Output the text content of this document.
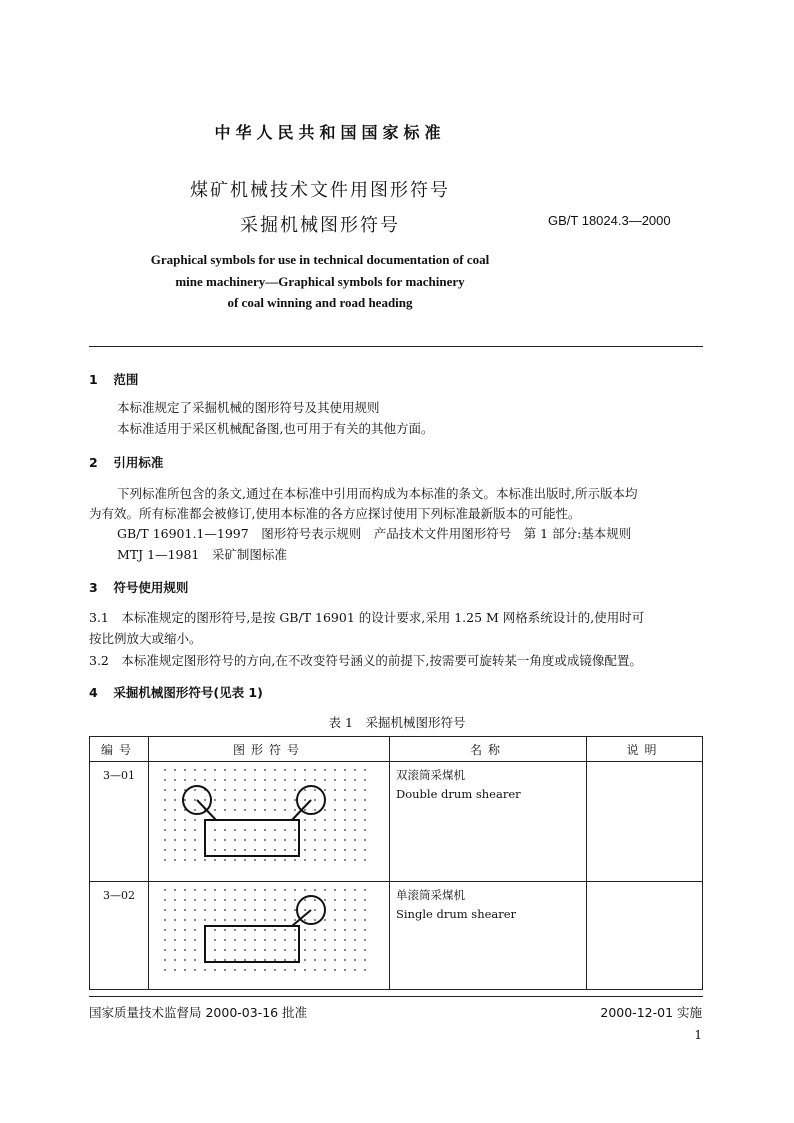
中华人民共和国国家标准
煤矿机械技术文件用图形符号
采掘机械图形符号	GB/T 18024.3—2000
Graphical symbols for use in technical documentation of coal
mine machinery—Graphical symbols for machinery
of coal winning and road heading
1 范围
本标准规定了采掘机械的图形符号及其使用规则
本标准适用于采区机械配备图,也可用于有关的其他方面。
2 引用标准
下列标准所包含的条文,通过在本标准中引用而构成为本标准的条文。本标准出版时,所示版本均
为有效。所有标准都会被修订,使用本标准的各方应探讨使用下列标准最新版本的可能性。
GB/T 16901.1—1997　图形符号表示规则　产品技术文件用图形符号　第 1 部分:基本规则
MTJ 1—1981　采矿制图标准
3 符号使用规则
3.1　本标准规定的图形符号,是按 GB/T 16901 的设计要求,采用 1.25 M 网格系统设计的,使用时可
按比例放大或缩小。
3.2　本标准规定图形符号的方向,在不改变符号涵义的前提下,按需要可旋转某一角度或成镜像配置。
4 采掘机械图形符号(见表 1)
表 1　采掘机械图形符号
编号	图形符号	名称	说明
3—01		双滚筒采煤机
Double drum shearer	

3—02		单滚筒采煤机
Single drum shearer	

国家质量技术监督局 2000-03-16 批准	2000-12-01 实施
1
